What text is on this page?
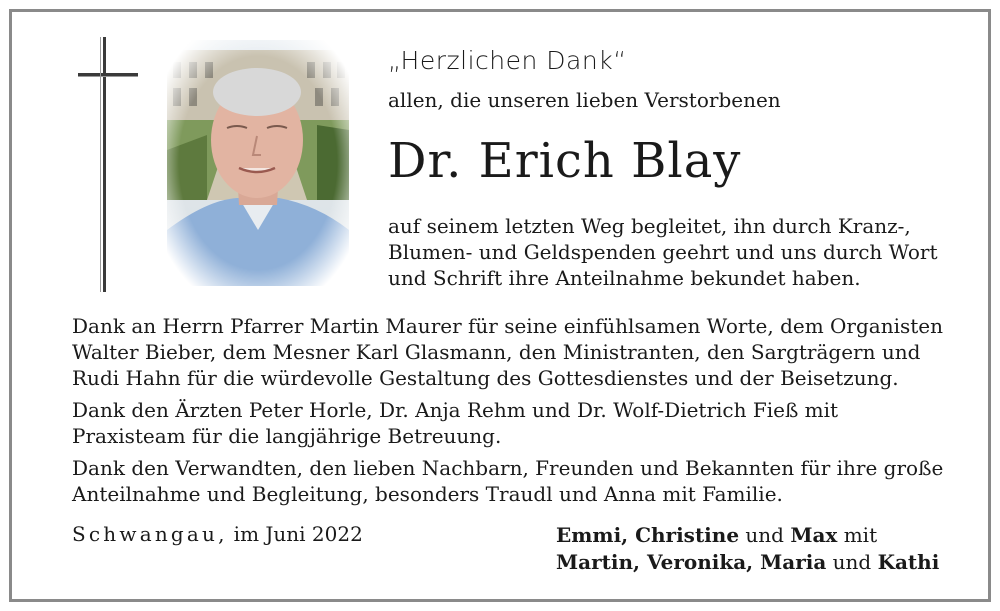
„Herzlichen Dank“
allen, die unseren lieben Verstorbenen
Dr. Erich Blay
auf seinem letzten Weg begleitet, ihn durch Kranz-,
Blumen- und Geldspenden geehrt und uns durch Wort
und Schrift ihre Anteilnahme bekundet haben.
Dank an Herrn Pfarrer Martin Maurer für seine einfühlsamen Worte, dem Organisten
Walter Bieber, dem Mesner Karl Glasmann, den Ministranten, den Sargträgern und
Rudi Hahn für die würdevolle Gestaltung des Gottesdienstes und der Beisetzung.
Dank den Ärzten Peter Horle, Dr. Anja Rehm und Dr. Wolf-Dietrich Fieß mit
Praxisteam für die langjährige Betreuung.
Dank den Verwandten, den lieben Nachbarn, Freunden und Bekannten für ihre große
Anteilnahme und Begleitung, besonders Traudl und Anna mit Familie.
Schwangau, im Juni 2022	Emmi, Christine und Max mit
Martin, Veronika, Maria und Kathi
